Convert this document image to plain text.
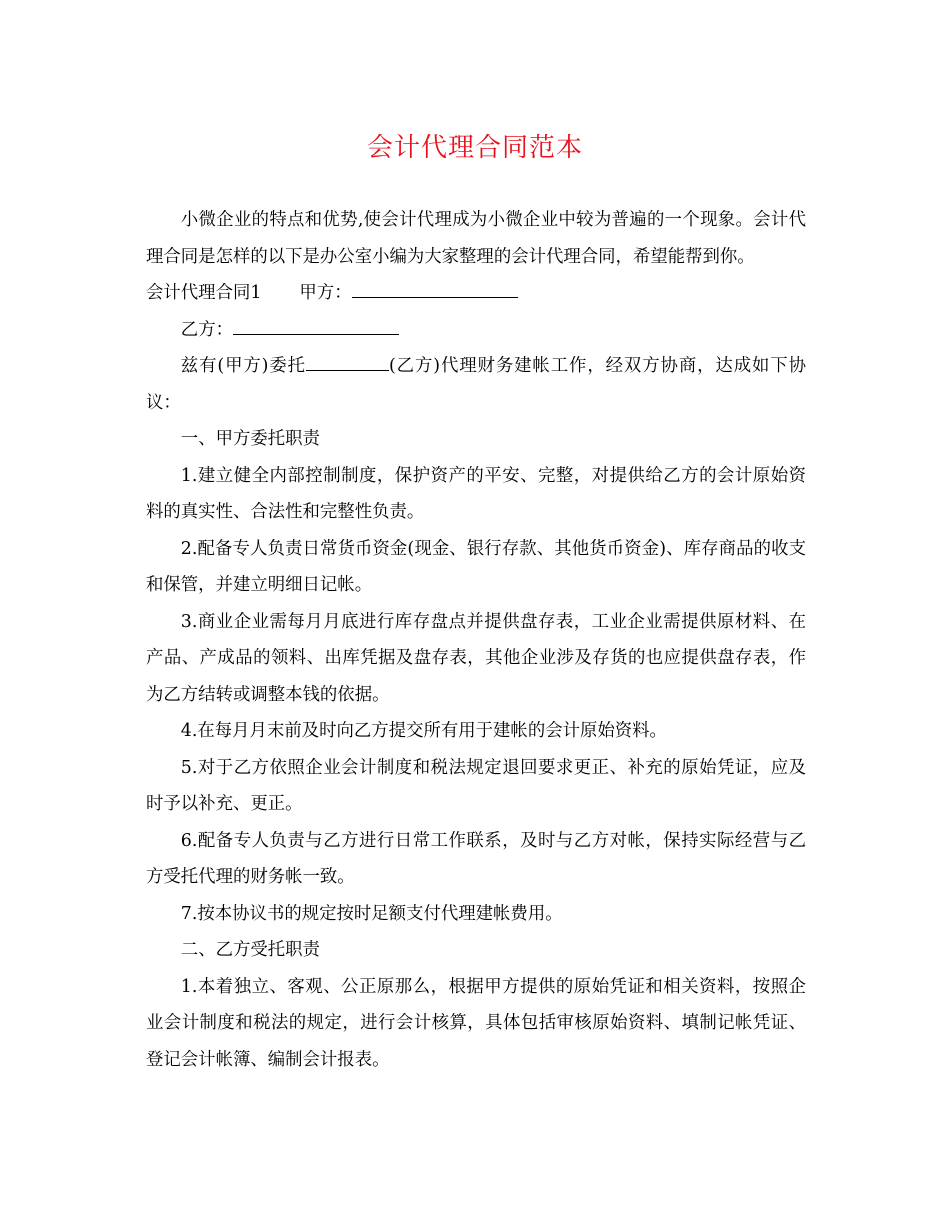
会计代理合同范本

小微企业的特点和优势,使会计代理成为小微企业中较为普遍的一个现象。会计代理合同是怎样的以下是办公室小编为大家整理的会计代理合同，希望能帮到你。

会计代理合同1 甲方：

乙方：

兹有(甲方)委托	(乙方)代理财务建帐工作，经双方协商，达成如下协议：

一、甲方委托职责

1.建立健全内部控制制度，保护资产的平安、完整，对提供给乙方的会计原始资料的真实性、合法性和完整性负责。

2.配备专人负责日常货币资金(现金、银行存款、其他货币资金)、库存商品的收支和保管，并建立明细日记帐。

3.商业企业需每月月底进行库存盘点并提供盘存表，工业企业需提供原材料、在产品、产成品的领料、出库凭据及盘存表，其他企业涉及存货的也应提供盘存表，作为乙方结转或调整本钱的依据。

4.在每月月末前及时向乙方提交所有用于建帐的会计原始资料。

5.对于乙方依照企业会计制度和税法规定退回要求更正、补充的原始凭证，应及时予以补充、更正。

6.配备专人负责与乙方进行日常工作联系，及时与乙方对帐，保持实际经营与乙方受托代理的财务帐一致。

7.按本协议书的规定按时足额支付代理建帐费用。

二、乙方受托职责

1.本着独立、客观、公正原那么，根据甲方提供的原始凭证和相关资料，按照企业会计制度和税法的规定，进行会计核算，具体包括审核原始资料、填制记帐凭证、登记会计帐簿、编制会计报表。
